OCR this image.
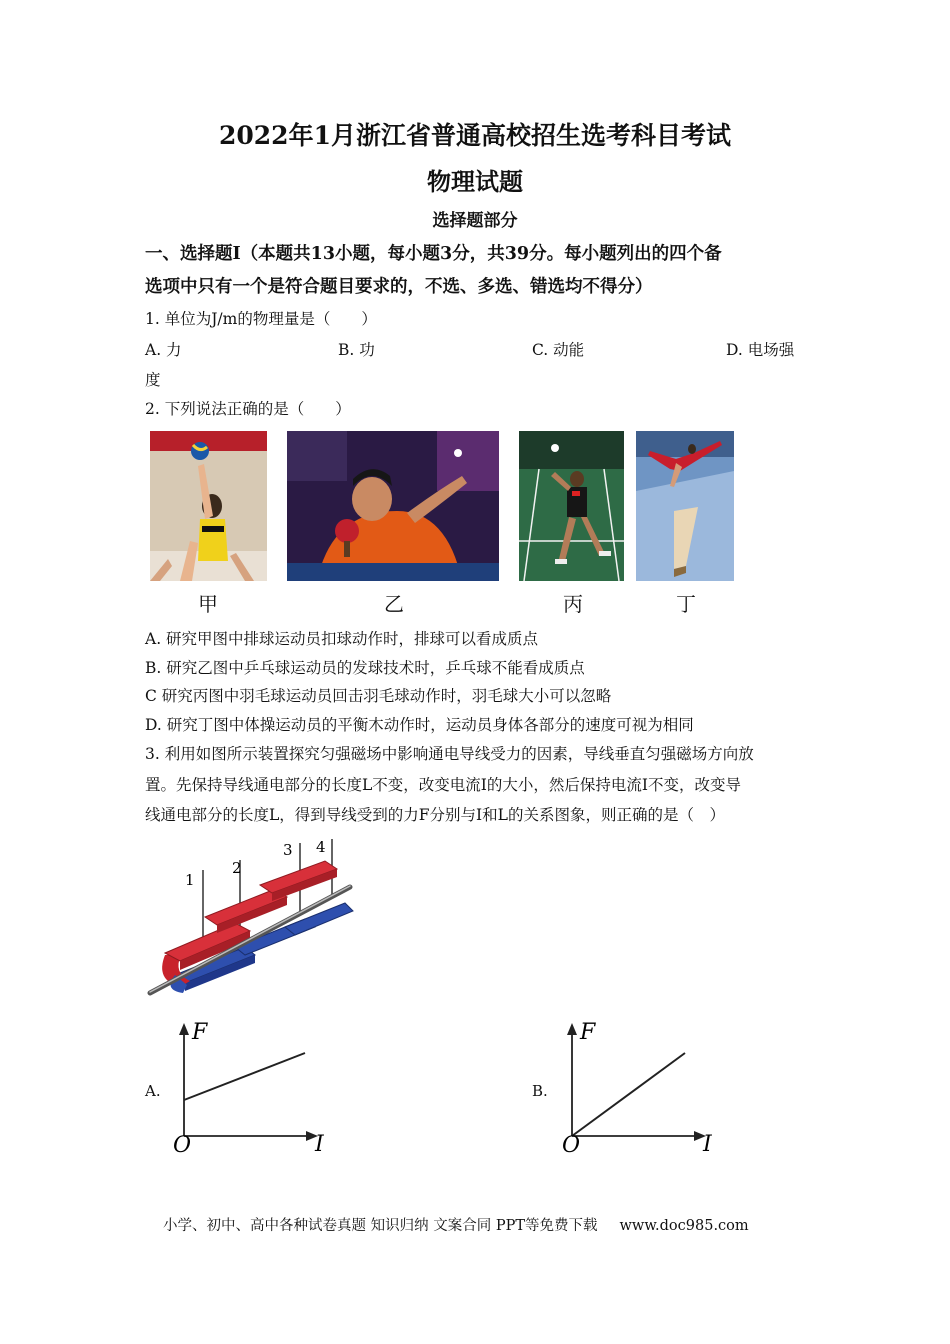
2022年1月浙江省普通高校招生选考科目考试
物理试题
选择题部分
一、选择题Ⅰ（本题共13小题，每小题3分，共39分。每小题列出的四个备
选项中只有一个是符合题目要求的，不选、多选、错选均不得分）
1. 单位为J/m的物理量是（　　）
A. 力	B. 功	C. 动能	D. 电场强
度
2. 下列说法正确的是（　　）
甲	乙	丙	丁
A. 研究甲图中排球运动员扣球动作时，排球可以看成质点
B. 研究乙图中乒乓球运动员的发球技术时，乒乓球不能看成质点
C 研究丙图中羽毛球运动员回击羽毛球动作时，羽毛球大小可以忽略
D. 研究丁图中体操运动员的平衡木动作时，运动员身体各部分的速度可视为相同
3. 利用如图所示装置探究匀强磁场中影响通电导线受力的因素，导线垂直匀强磁场方向放
置。先保持导线通电部分的长度L不变，改变电流I的大小，然后保持电流I不变，改变导
线通电部分的长度L，得到导线受到的力F分别与I和L的关系图象，则正确的是（　）
1
2
3 4
A.
F
I
O
B.
F
I
O
小学、初中、高中各种试卷真题 知识归纳 文案合同 PPT等免费下载 www.doc985.com
